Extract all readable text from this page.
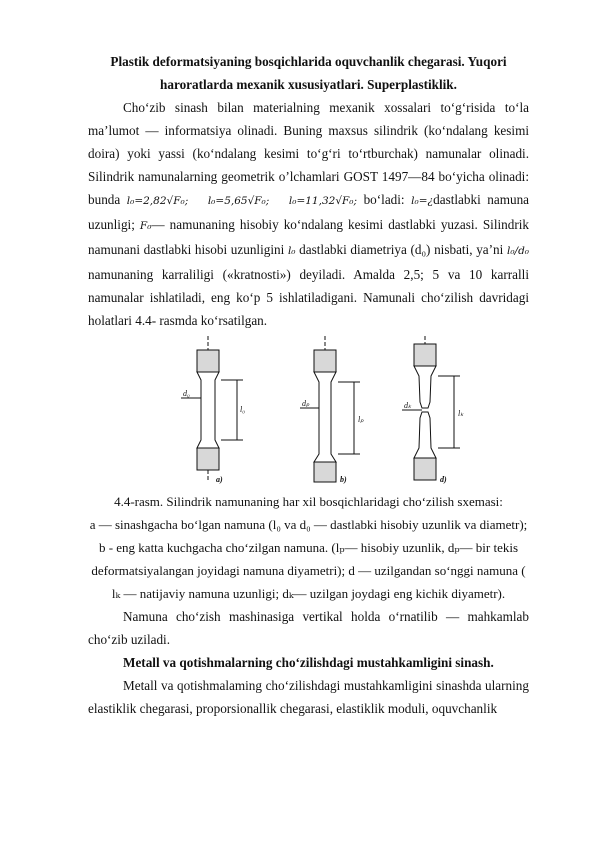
Plastik deformatsiyaning bosqichlarida oquvchanlik chegarasi. Yuqori
haroratlarda mexanik xususiyatlari. Superplastiklik.

Cho‘zib sinash bilan materialning mexanik xossalari to‘g‘risida to‘la ma’lumot — informatsiya olinadi. Buning maxsus silindrik (ko‘ndalang kesimi doira) yoki yassi (ko‘ndalang kesimi to‘g‘ri to‘rtburchak) namunalar olinadi. Silindrik namunalarning geometrik o’lchamlari GOST 1497—84 bo‘yicha olinadi: bunda l₀=2,82√F₀; l₀=5,65√F₀; l₀=11,32√F₀; bo‘ladi: l₀=¿dastlabki namuna uzunligi; F₀— namunaning hisobiy ko‘ndalang kesimi dastlabki yuzasi. Silindrik namunani dastlabki hisobi uzunligini l₀ dastlabki diametriya (d₀) nisbati, ya’ni l₀/d₀ namunaning karraliligi («kratnosti») deyiladi. Amalda 2,5; 5 va 10 karralli namunalar ishlatiladi, eng ko‘p 5 ishlatiladigani. Namunali cho‘zilish davridagi holatlari 4.4- rasmda ko‘rsatilgan.

d₀
l₀
dₚ
lₚ
dₖ
lₖ
a)	b)	d)

4.4-rasm. Silindrik namunaning har xil bosqichlaridagi cho‘zilish sxemasi:
a — sinashgacha bo‘lgan namuna (l₀ va d₀ — dastlabki hisobiy uzunlik va diametr);
b - eng katta kuchgacha cho‘zilgan namuna. (lₚ— hisobiy uzunlik, dₚ— bir tekis
deformatsiyalangan joyidagi namuna diyametri); d — uzilgandan so‘nggi namuna (
lₖ — natijaviy namuna uzunligi; dₖ— uzilgan joydagi eng kichik diyametr).

Namuna cho‘zish mashinasiga vertikal holda o‘rnatilib — mahkamlab cho‘zib uziladi.

Metall va qotishmalarning cho‘zilishdagi mustahkamligini sinash.

Metall va qotishmalaming cho‘zilishdagi mustahkamligini sinashda ularning elastiklik chegarasi, proporsionallik chegarasi, elastiklik moduli, oquvchanlik
